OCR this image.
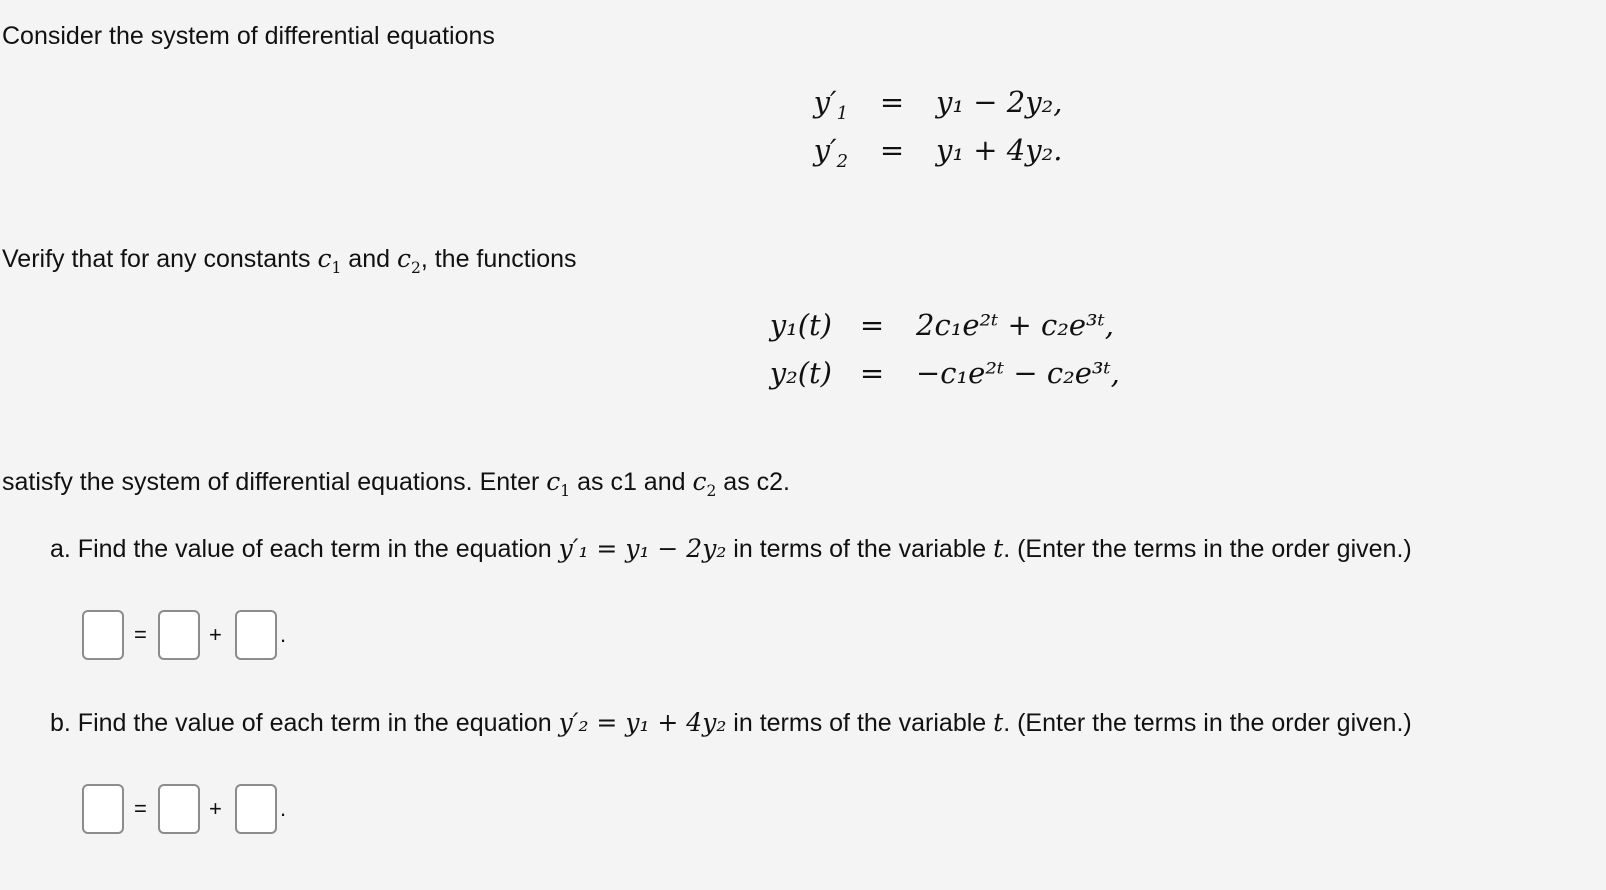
Consider the system of differential equations
$y'_1 = y_1 - 2y_2$,
$y'_2 = y_1 + 4y_2$.
Verify that for any constants $c_1$ and $c_2$, the functions
y₁(t) = 2c₁e²ᵗ + c₂e³ᵗ,
y₂(t) = −c₁e²ᵗ − c₂e³ᵗ,
satisfy the system of differential equations. Enter $c_1$ as c1 and $c_2$ as c2.
a. Find the value of each term in the equation y′₁ = y₁ − 2y₂ in terms of the variable t. (Enter the terms in the order given.)
=	+	.
b. Find the value of each term in the equation y′₂ = y₁ + 4y₂ in terms of the variable t. (Enter the terms in the order given.)
=	+	.
